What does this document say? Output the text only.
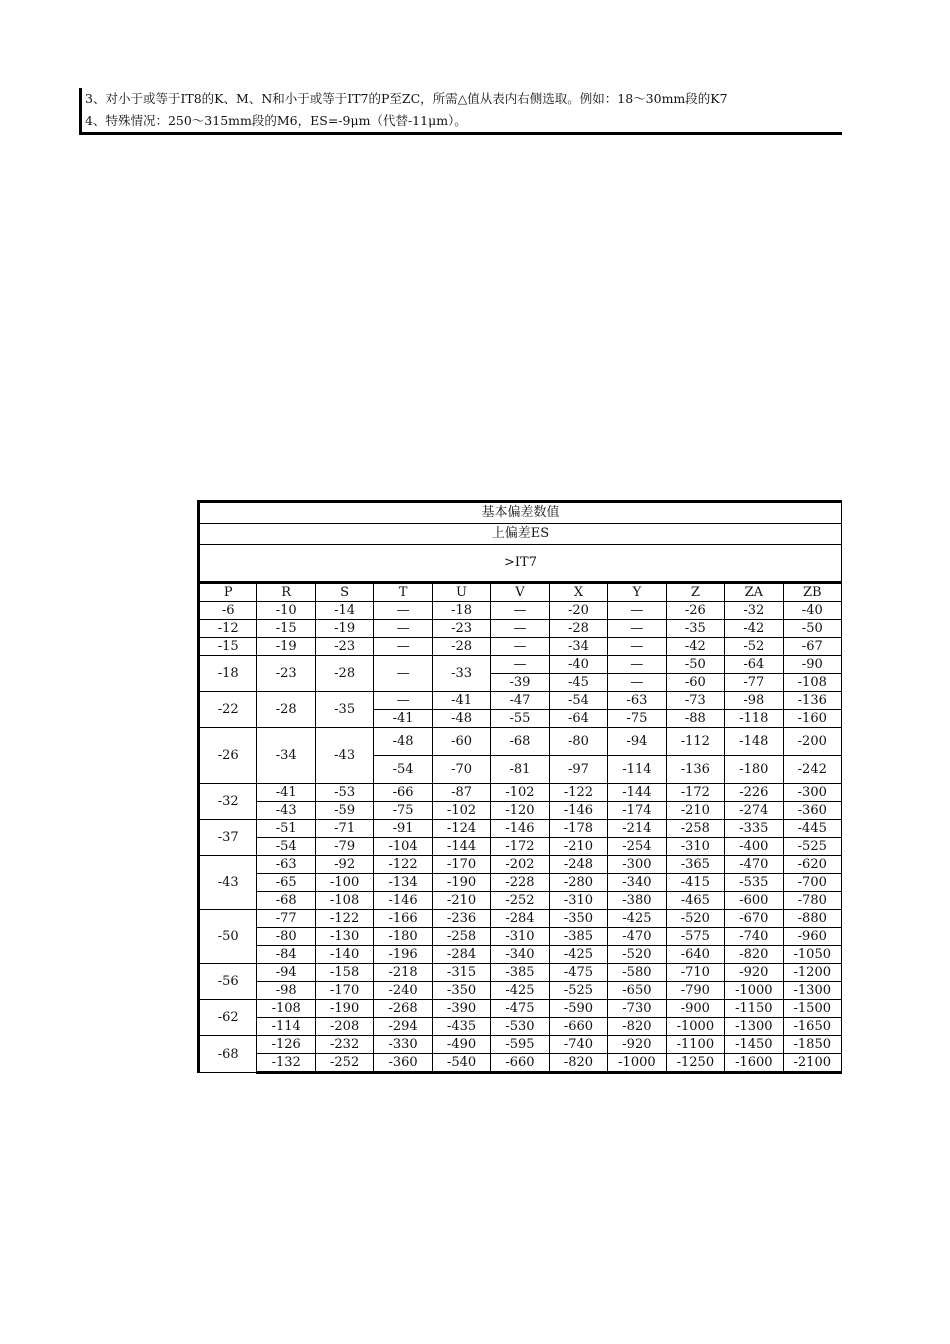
3、对小于或等于IT8的K、M、N和小于或等于IT7的P至ZC，所需△值从表内右侧选取。例如：18～30mm段的K7
4、特殊情况：250～315mm段的M6，ES=-9μm（代替-11μm）。
基本偏差数值										
上偏差ES										
>IT7										
P	R	S	T	U	V	X	Y	Z	ZA	ZB
-6	-10	-14	—	-18	—	-20	—	-26	-32	-40
-12	-15	-19	—	-23	—	-28	—	-35	-42	-50
-15	-19	-23	—	-28	—	-34	—	-42	-52	-67
-18	-23	-28	—	-33	—	-40	—	-50	-64	-90
					-39	-45	—	-60	-77	-108
-22	-28	-35	—	-41	-47	-54	-63	-73	-98	-136
			-41	-48	-55	-64	-75	-88	-118	-160
-26	-34	-43	-48	-60	-68	-80	-94	-112	-148	-200
			-54	-70	-81	-97	-114	-136	-180	-242
-32	-41	-53	-66	-87	-102	-122	-144	-172	-226	-300
	-43	-59	-75	-102	-120	-146	-174	-210	-274	-360
-37	-51	-71	-91	-124	-146	-178	-214	-258	-335	-445
	-54	-79	-104	-144	-172	-210	-254	-310	-400	-525
-43	-63	-92	-122	-170	-202	-248	-300	-365	-470	-620
	-65	-100	-134	-190	-228	-280	-340	-415	-535	-700
	-68	-108	-146	-210	-252	-310	-380	-465	-600	-780
-50	-77	-122	-166	-236	-284	-350	-425	-520	-670	-880
	-80	-130	-180	-258	-310	-385	-470	-575	-740	-960
	-84	-140	-196	-284	-340	-425	-520	-640	-820	-1050
-56	-94	-158	-218	-315	-385	-475	-580	-710	-920	-1200
	-98	-170	-240	-350	-425	-525	-650	-790	-1000	-1300
-62	-108	-190	-268	-390	-475	-590	-730	-900	-1150	-1500
	-114	-208	-294	-435	-530	-660	-820	-1000	-1300	-1650
-68	-126	-232	-330	-490	-595	-740	-920	-1100	-1450	-1850
	-132	-252	-360	-540	-660	-820	-1000	-1250	-1600	-2100
